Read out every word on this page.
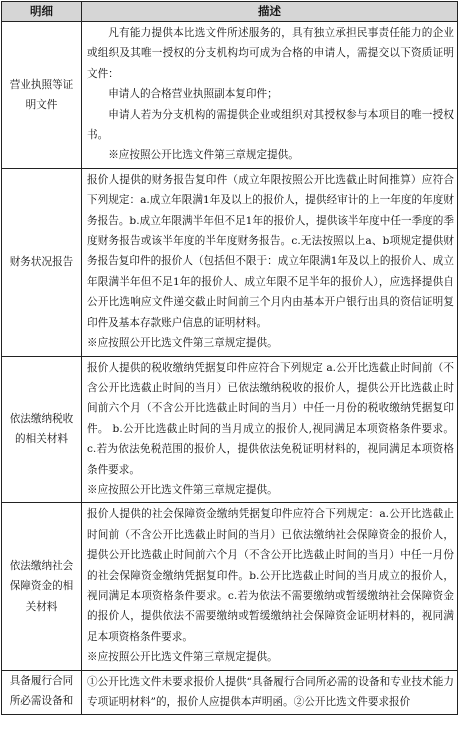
明细	描述
营业执照等证明文件	凡有能力提供本比选文件所述服务的，具有独立承担民事责任能力的企业或组织及其唯一授权的分支机构均可成为合格的申请人，需提交以下资质证明文件：

申请人的合格营业执照副本复印件；

申请人若为分支机构的需提供企业或组织对其授权参与本项目的唯一授权书。

※应按照公开比选文件第三章规定提供。

财务状况报告	报价人提供的财务报告复印件（成立年限按照公开比选截止时间推算）应符合下列规定：a.成立年限满1年及以上的报价人，提供经审计的上一年度的年度财务报告。b.成立年限满半年但不足1年的报价人，提供该半年度中任一季度的季度财务报告或该半年度的半年度财务报告。c.无法按照以上a、b项规定提供财务报告复印件的报价人（包括但不限于：成立年限满1年及以上的报价人、成立年限满半年但不足1年的报价人、成立年限不足半年的报价人），应选择提供自公开比选响应文件递交截止时间前三个月内由基本开户银行出具的资信证明复印件及基本存款账户信息的证明材料。

※应按照公开比选文件第三章规定提供。

依法缴纳税收的相关材料	报价人提供的税收缴纳凭据复印件应符合下列规定 a.公开比选截止时间前（不含公开比选截止时间的当月）已依法缴纳税收的报价人，提供公开比选截止时间前六个月（不含公开比选截止时间的当月）中任一月份的税收缴纳凭据复印件。 b.公开比选截止时间的当月成立的报价人,视同满足本项资格条件要求。 c.若为依法免税范围的报价人，提供依法免税证明材料的，视同满足本项资格条件要求。

※应按照公开比选文件第三章规定提供。

依法缴纳社会保障资金的相关材料	报价人提供的社会保障资金缴纳凭据复印件应符合下列规定：a.公开比选截止时间前（不含公开比选截止时间的当月）已依法缴纳社会保障资金的报价人，提供公开比选截止时间前六个月（不含公开比选截止时间的当月）中任一月份的社会保障资金缴纳凭据复印件。b.公开比选截止时间的当月成立的报价人，视同满足本项资格条件要求。c.若为依法不需要缴纳或暂缓缴纳社会保障资金的报价人，提供依法不需要缴纳或暂缓缴纳社会保障资金证明材料的，视同满足本项资格条件要求。

※应按照公开比选文件第三章规定提供。

具备履行合同所必需设备和	①公开比选文件未要求报价人提供“具备履行合同所必需的设备和专业技术能力专项证明材料”的，报价人应提供本声明函。②公开比选文件要求报价
